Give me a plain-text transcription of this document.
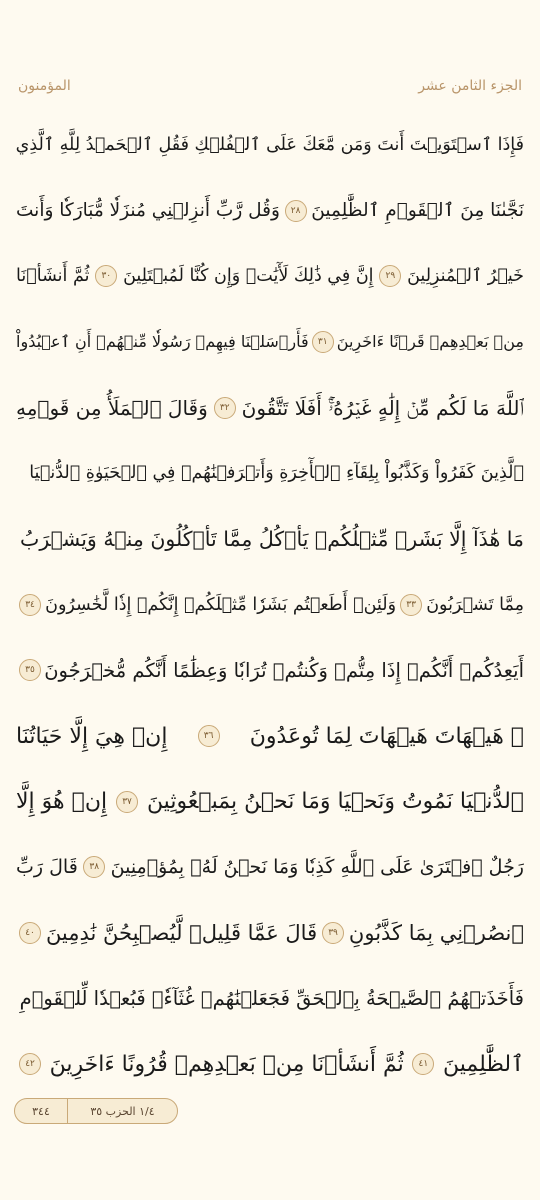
الجزء الثامن عشر
المؤمنون
فَإِذَا ٱسۡتَوَيۡتَ أَنتَ وَمَن مَّعَكَ عَلَى ٱلۡفُلۡكِ فَقُلِ ٱلۡحَمۡدُ لِلَّهِ ٱلَّذِي
نَجَّىٰنَا مِنَ ٱلۡقَوۡمِ ٱلظَّٰلِمِينَ
٢٨
وَقُل رَّبِّ أَنزِلۡنِي مُنزَلٗا مُّبَارَكٗا وَأَنتَ
خَيۡرُ ٱلۡمُنزِلِينَ
٢٩
إِنَّ فِي ذَٰلِكَ لَأٓيَٰتٖ وَإِن كُنَّا لَمُبۡتَلِينَ
٣٠
ثُمَّ أَنشَأۡنَا
مِنۢ بَعۡدِهِمۡ قَرۡنًا ءَاخَرِينَ
٣١
فَأَرۡسَلۡنَا فِيهِمۡ رَسُولٗا مِّنۡهُمۡ أَنِ ٱعۡبُدُواْ
ٱللَّهَ مَا لَكُم مِّنۡ إِلَٰهٍ غَيۡرُهُۥٓۚ أَفَلَا تَتَّقُونَ
٣٢
وَقَالَ ٱلۡمَلَأُ مِن قَوۡمِهِ
ٱلَّذِينَ كَفَرُواْ وَكَذَّبُواْ بِلِقَآءِ ٱلۡأٓخِرَةِ وَأَتۡرَفۡنَٰهُمۡ فِي ٱلۡحَيَوٰةِ ٱلدُّنۡيَا
مَا هَٰذَآ إِلَّا بَشَرٞ مِّثۡلُكُمۡ يَأۡكُلُ مِمَّا تَأۡكُلُونَ مِنۡهُ وَيَشۡرَبُ
مِمَّا تَشۡرَبُونَ
٣٣
وَلَئِنۡ أَطَعۡتُم بَشَرٗا مِّثۡلَكُمۡ إِنَّكُمۡ إِذٗا لَّخَٰسِرُونَ
٣٤
أَيَعِدُكُمۡ أَنَّكُمۡ إِذَا مِتُّمۡ وَكُنتُمۡ تُرَابٗا وَعِظَٰمًا أَنَّكُم مُّخۡرَجُونَ
٣٥
۞ هَيۡهَاتَ هَيۡهَاتَ لِمَا تُوعَدُونَ
٣٦
إِنۡ هِيَ إِلَّا حَيَاتُنَا
ٱلدُّنۡيَا نَمُوتُ وَنَحۡيَا وَمَا نَحۡنُ بِمَبۡعُوثِينَ
٣٧
إِنۡ هُوَ إِلَّا
رَجُلٌ ٱفۡتَرَىٰ عَلَى ٱللَّهِ كَذِبٗا وَمَا نَحۡنُ لَهُۥ بِمُؤۡمِنِينَ
٣٨
قَالَ رَبِّ
ٱنصُرۡنِي بِمَا كَذَّبُونِ
٣٩
قَالَ عَمَّا قَلِيلٖ لَّيُصۡبِحُنَّ نَٰدِمِينَ
٤٠
فَأَخَذَتۡهُمُ ٱلصَّيۡحَةُ بِٱلۡحَقِّ فَجَعَلۡنَٰهُمۡ غُثَآءٗۚ فَبُعۡدٗا لِّلۡقَوۡمِ
ٱلظَّٰلِمِينَ
٤١
ثُمَّ أَنشَأۡنَا مِنۢ بَعۡدِهِمۡ قُرُونًا ءَاخَرِينَ
٤٢
٣٤٤	١/٤ الحزب ٣٥
